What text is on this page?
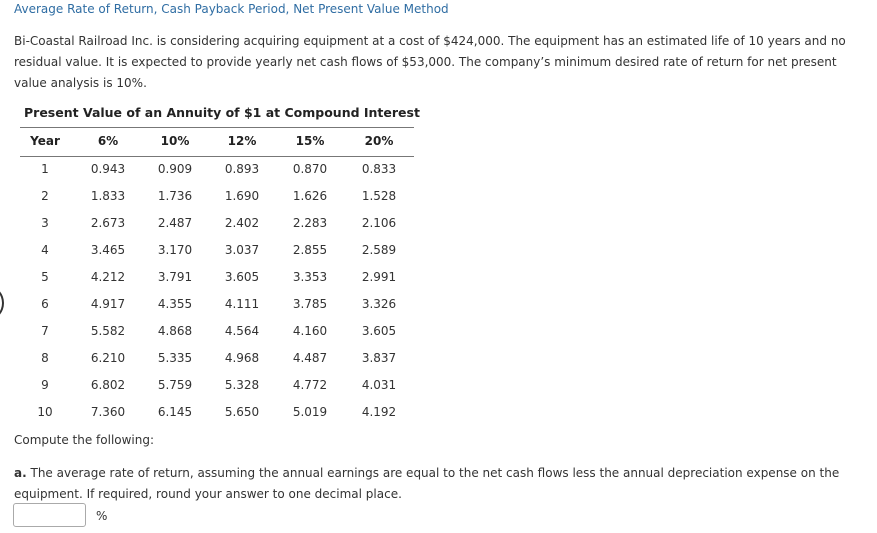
Average Rate of Return, Cash Payback Period, Net Present Value Method
Bi-Coastal Railroad Inc. is considering acquiring equipment at a cost of $424,000. The equipment has an estimated life of 10 years and no residual value. It is expected to provide yearly net cash flows of $53,000. The company’s minimum desired rate of return for net present value analysis is 10%.
Present Value of an Annuity of $1 at Compound Interest
Year	6%	10%	12%	15%	20%
1	0.943	0.909	0.893	0.870	0.833
2	1.833	1.736	1.690	1.626	1.528
3	2.673	2.487	2.402	2.283	2.106
4	3.465	3.170	3.037	2.855	2.589
5	4.212	3.791	3.605	3.353	2.991
6	4.917	4.355	4.111	3.785	3.326
7	5.582	4.868	4.564	4.160	3.605
8	6.210	5.335	4.968	4.487	3.837
9	6.802	5.759	5.328	4.772	4.031
10	7.360	6.145	5.650	5.019	4.192
Compute the following:
a. The average rate of return, assuming the annual earnings are equal to the net cash flows less the annual depreciation expense on the equipment. If required, round your answer to one decimal place.
%
